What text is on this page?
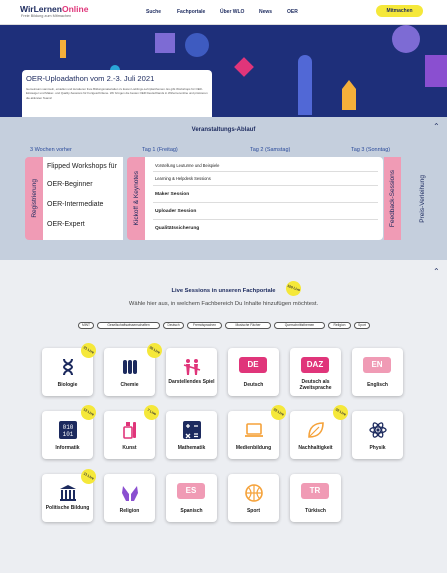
WirLernenOnline
Freie Bildung zum Mitmachen
Suche	Fachportale	Über WLO	News	OER	Mitmachen
OER-Uploadathon vom 2.-3. Juli 2021
Gemeinsam sammeln, erstellen und kuratieren freie Bildungsmaterialien zu Euren Lieblings-Lehrplanthemen. Es gibt Workshops für OER-Einsteiger und Maker- und Quality-Sessions für Fortgeschrittene. Wir bringen die besten OER Deutschlands in Wirlernenonline und prämieren die aktivsten Teams!
Veranstaltungs-Ablauf	⌃
3 Wochen vorher	Tag 1 (Freitag)	Tag 2 (Samstag)	Tag 3 (Sonntag)
Registrierung
Flipped Workshops für
OER-Beginner
OER-Intermediate
OER-Expert	Kickoff & Keynotes
Vorstellung Leuturme und Beispiele
Learning & Helpdesk Sessions
Maker Session
Uploader Session
Qualitätssicherung
Feedback-Sessions	Preis-Verleihung
⌃
Live Sessions in unseren Fachportale	150 Live
Wähle hier aus, in welchem Fachbereich Du Inhalte hinzufügen möchtest.
MINT	Gesellschaftswissenschaften	Deutsch	Fremdsprachen	Musische Fächer	Querschnittsthemen	Religion	Sport
Biologie
21 Live
Chemie
26 Live
Darstellendes Spiel
DE
Deutsch
DAZ
Deutsch als Zweitsprache
EN
Englisch
010
101
Informatik
12 Live
Kunst
7 Live
Mathematik	Medienbildung
22 Live
Nachhaltigkeit
32 Live
Physik
Politische Bildung
11 Live
Religion
ES
Spanisch	Sport
TR
Türkisch
